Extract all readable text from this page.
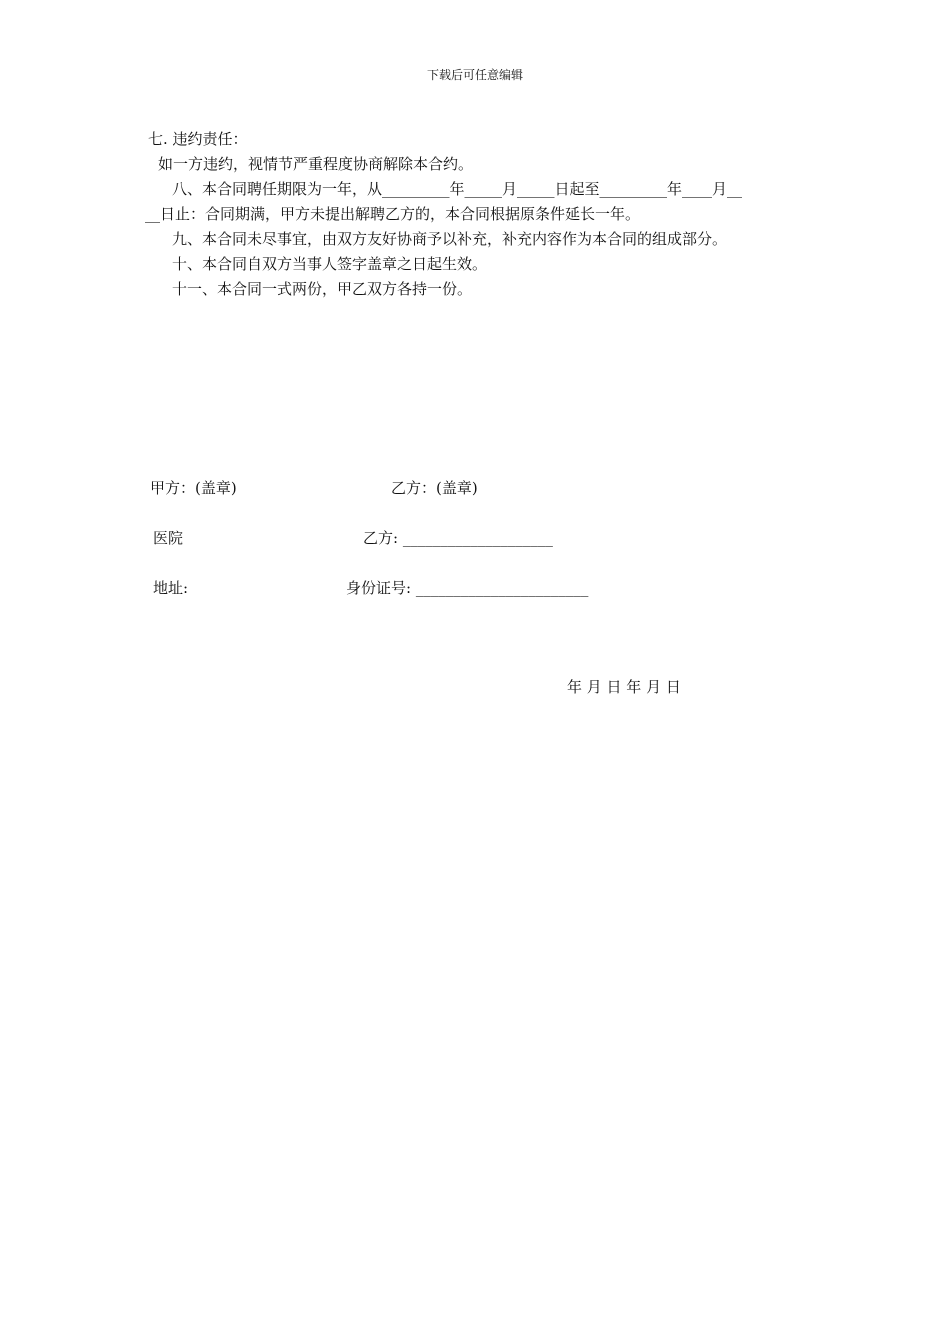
下载后可任意编辑
七. 违约责任：
如一方违约，视情节严重程度协商解除本合约。
八、本合同聘任期限为一年，从_________年_____月_____日起至_________年____月__
__日止：合同期满，甲方未提出解聘乙方的，本合同根据原条件延长一年。
九、本合同未尽事宜，由双方友好协商予以补充，补充内容作为本合同的组成部分。
十、本合同自双方当事人签字盖章之日起生效。
十一、本合同一式两份，甲乙双方各持一份。
甲方：(盖章)	乙方：(盖章)
医院	乙方: ____________________
地址:	身份证号: _______________________
年 月 日 年 月 日
